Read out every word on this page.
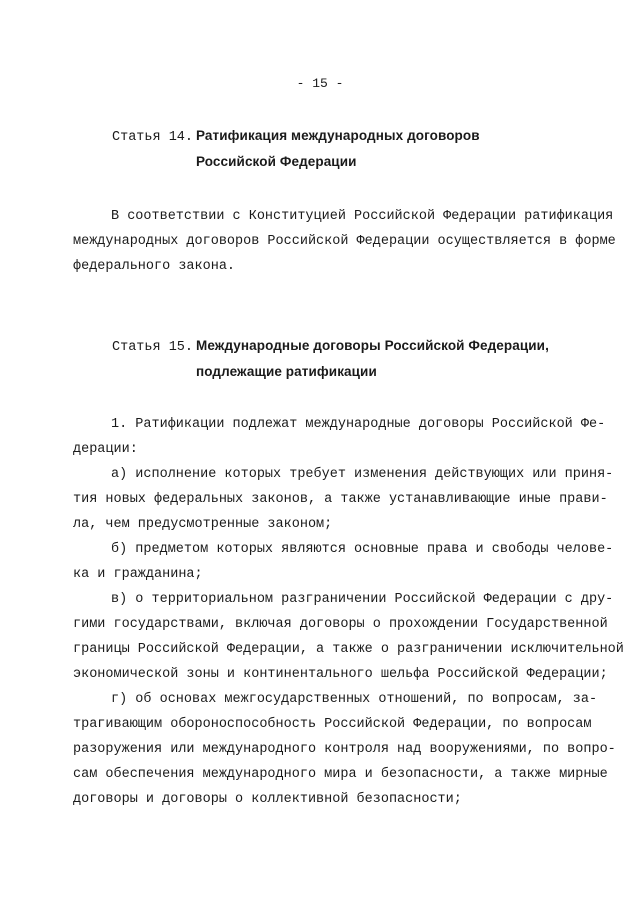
- 15 -
Статья 14. Ратификация международных договоров
Российской Федерации
В соответствии с Конституцией Российской Федерации ратификация
международных договоров Российской Федерации осуществляется в форме
федерального закона.
Статья 15. Международные договоры Российской Федерации,
подлежащие ратификации
1. Ратификации подлежат международные договоры Российской Фе-
дерации:
а) исполнение которых требует изменения действующих или приня-
тия новых федеральных законов, а также устанавливающие иные прави-
ла, чем предусмотренные законом;
б) предметом которых являются основные права и свободы челове-
ка и гражданина;
в) о территориальном разграничении Российской Федерации с дру-
гими государствами, включая договоры о прохождении Государственной
границы Российской Федерации, а также о разграничении исключительной
экономической зоны и континентального шельфа Российской Федерации;
г) об основах межгосударственных отношений, по вопросам, за-
трагивающим обороноспособность Российской Федерации, по вопросам
разоружения или международного контроля над вооружениями, по вопро-
сам обеспечения международного мира и безопасности, а также мирные
договоры и договоры о коллективной безопасности;
